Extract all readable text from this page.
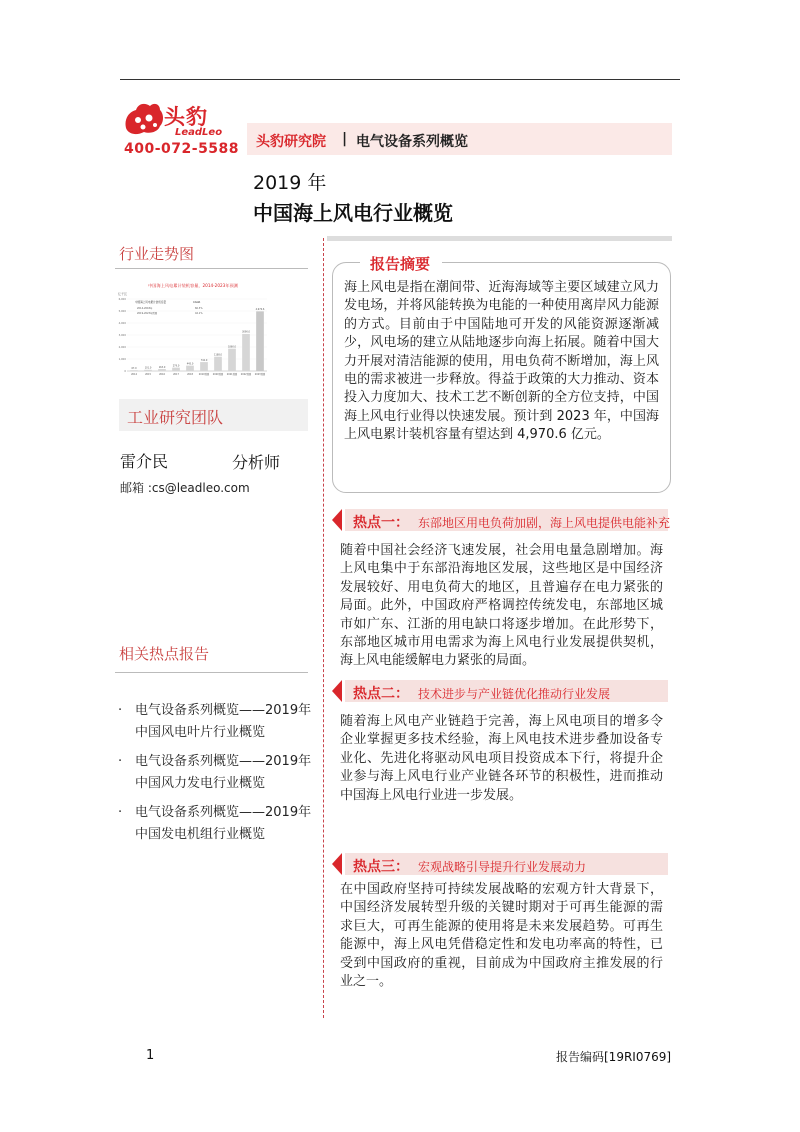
头豹
LeadLeo
400-072-5588 头豹研究院 | 电气设备系列概览
2019 年
中国海上风电行业概览
行业走势图
中国海上风电累计装机容量，2014-2023年预测
亿千瓦
中国海上风电累计装机容量	CAGR
2014-2018年	60.3%
2019-2023年预测	42.1%
0
1,000
2,000
3,000
4,000
5,000
6,000
67.0
2014
101.0
2015
163.0
2016
279.0
2017
445.0
2018
742.0
2019预测
1188.0
2020预测
1860.0
2021预测
3090.0
2022预测
4,970.6
2023预测
工业研究团队
雷介民	分析师
邮箱 :cs@leadleo.com
相关热点报告
· 电气设备系列概览——2019年中国风电叶片行业概览
· 电气设备系列概览——2019年中国风力发电行业概览
· 电气设备系列概览——2019年中国发电机组行业概览
报告摘要
海上风电是指在潮间带、近海海域等主要区域建立风力发电场，并将风能转换为电能的一种使用离岸风力能源的方式。目前由于中国陆地可开发的风能资源逐渐减少，风电场的建立从陆地逐步向海上拓展。随着中国大力开展对清洁能源的使用，用电负荷不断增加，海上风电的需求被进一步释放。得益于政策的大力推动、资本投入力度加大、技术工艺不断创新的全方位支持，中国海上风电行业得以快速发展。预计到 2023 年，中国海上风电累计装机容量有望达到 4,970.6 亿元。
热点一： 东部地区用电负荷加剧，海上风电提供电能补充
随着中国社会经济飞速发展，社会用电量急剧增加。海上风电集中于东部沿海地区发展，这些地区是中国经济发展较好、用电负荷大的地区，且普遍存在电力紧张的局面。此外，中国政府严格调控传统发电，东部地区城市如广东、江浙的用电缺口将逐步增加。在此形势下，东部地区城市用电需求为海上风电行业发展提供契机，海上风电能缓解电力紧张的局面。
热点二： 技术进步与产业链优化推动行业发展
随着海上风电产业链趋于完善，海上风电项目的增多令企业掌握更多技术经验，海上风电技术进步叠加设备专业化、先进化将驱动风电项目投资成本下行，将提升企业参与海上风电行业产业链各环节的积极性，进而推动中国海上风电行业进一步发展。
热点三： 宏观战略引导提升行业发展动力
在中国政府坚持可持续发展战略的宏观方针大背景下，中国经济发展转型升级的关键时期对于可再生能源的需求巨大，可再生能源的使用将是未来发展趋势。可再生能源中，海上风电凭借稳定性和发电功率高的特性，已受到中国政府的重视，目前成为中国政府主推发展的行业之一。
1	报告编码[19RI0769]
